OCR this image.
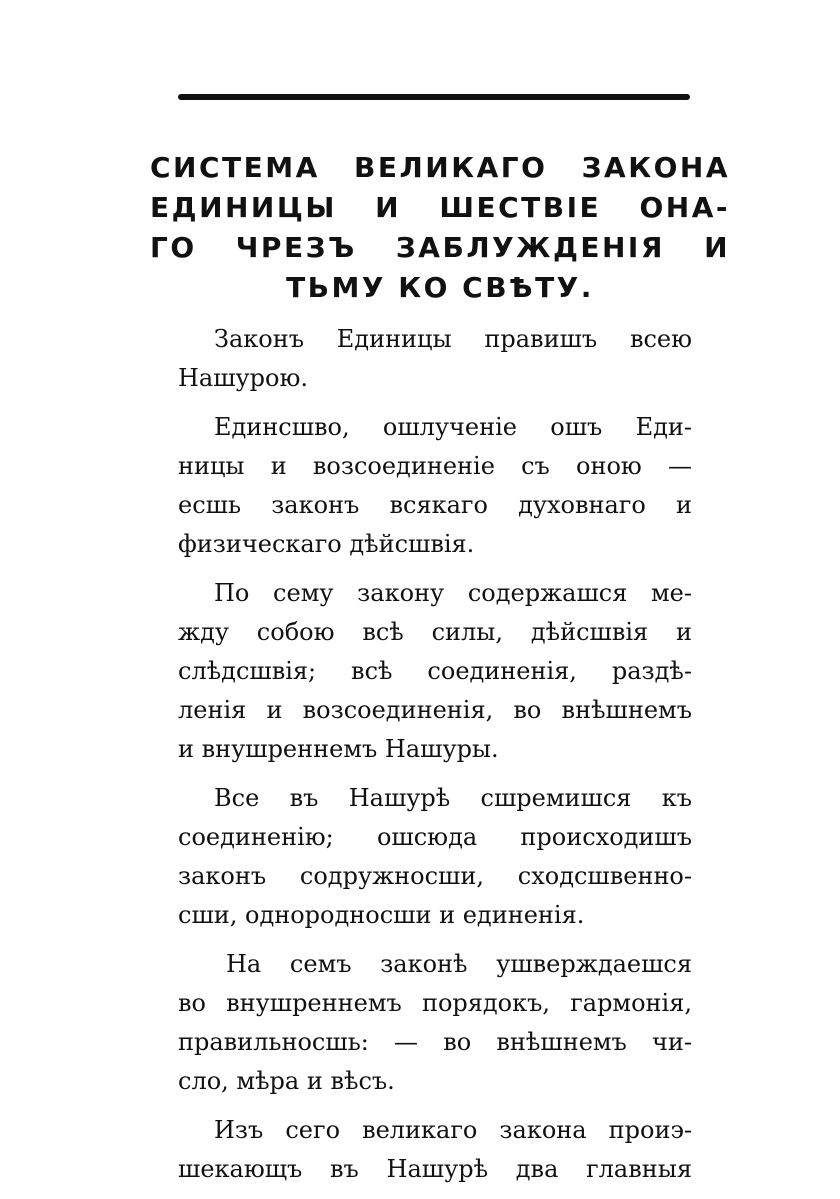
СИСТЕМА ВЕЛИКАГО ЗАКОНА
ЕДИНИЦЫ И ШЕСТВІЕ ОНА-
ГО ЧРЕЗЪ ЗАБЛУЖДЕНІЯ И
ТЬМУ КО СВѢТУ.

Законъ Единицы правишъ всею
Нашурою.

Единсшво, ошлученіе ошъ Еди-
ницы и возсоединеніе съ оною —
есшь законъ всякаго духовнаго и
физическаго дѣйсшвія.

По сему закону содержашся ме-
жду собою всѣ силы, дѣйсшвія и
слѣдсшвія; всѣ соединенія, раздѣ-
ленія и возсоединенія, во внѣшнемъ
и внушреннемъ Нашуры.

Все въ Нашурѣ сшремишся къ
соединенію; ошсюда происходишъ
законъ содружносши, сходсшвенно-
сши, однородносши и единенія.

На семъ законѣ ушверждаешся
во внушреннемъ порядокъ, гармонія,
правильносшь: — во внѣшнемъ чи-
сло, мѣра и вѣсъ.

Изъ сего великаго закона проиэ-
шекающъ въ Нашурѣ два главныя
